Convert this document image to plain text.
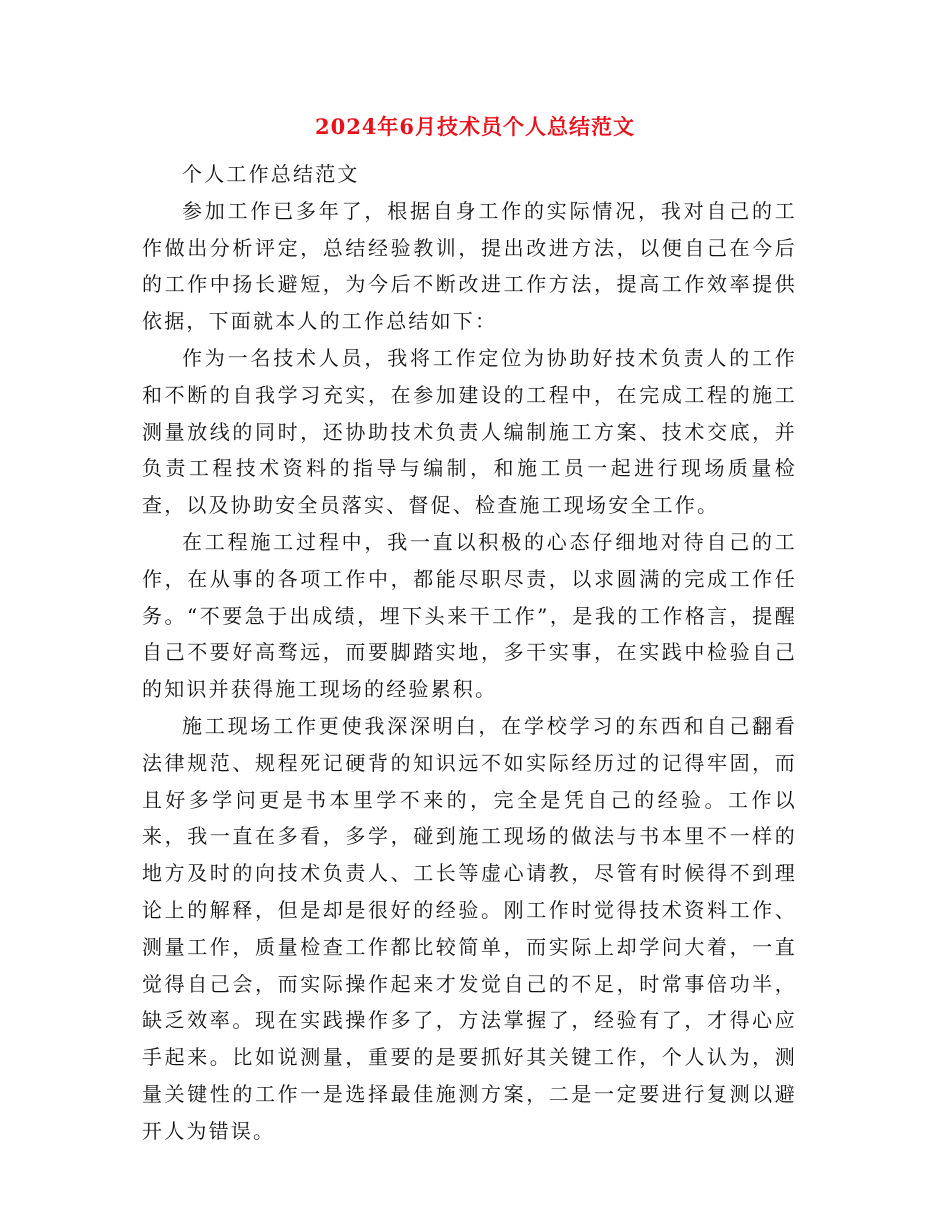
2024年6月技术员个人总结范文

个人工作总结范文

参加工作已多年了，根据自身工作的实际情况，我对自己的工作做出分析评定，总结经验教训，提出改进方法，以便自己在今后的工作中扬长避短，为今后不断改进工作方法，提高工作效率提供依据，下面就本人的工作总结如下：

作为一名技术人员，我将工作定位为协助好技术负责人的工作和不断的自我学习充实，在参加建设的工程中，在完成工程的施工测量放线的同时，还协助技术负责人编制施工方案、技术交底，并负责工程技术资料的指导与编制，和施工员一起进行现场质量检查，以及协助安全员落实、督促、检查施工现场安全工作。

在工程施工过程中，我一直以积极的心态仔细地对待自己的工作，在从事的各项工作中，都能尽职尽责，以求圆满的完成工作任务。“不要急于出成绩，埋下头来干工作”，是我的工作格言，提醒自己不要好高骛远，而要脚踏实地，多干实事，在实践中检验自己的知识并获得施工现场的经验累积。

施工现场工作更使我深深明白，在学校学习的东西和自己翻看法律规范、规程死记硬背的知识远不如实际经历过的记得牢固，而且好多学问更是书本里学不来的，完全是凭自己的经验。工作以来，我一直在多看，多学，碰到施工现场的做法与书本里不一样的地方及时的向技术负责人、工长等虚心请教，尽管有时候得不到理论上的解释，但是却是很好的经验。刚工作时觉得技术资料工作、测量工作，质量检查工作都比较简单，而实际上却学问大着，一直觉得自己会，而实际操作起来才发觉自己的不足，时常事倍功半，缺乏效率。现在实践操作多了，方法掌握了，经验有了，才得心应手起来。比如说测量，重要的是要抓好其关键工作，个人认为，测量关键性的工作一是选择最佳施测方案，二是一定要进行复测以避开人为错误。
